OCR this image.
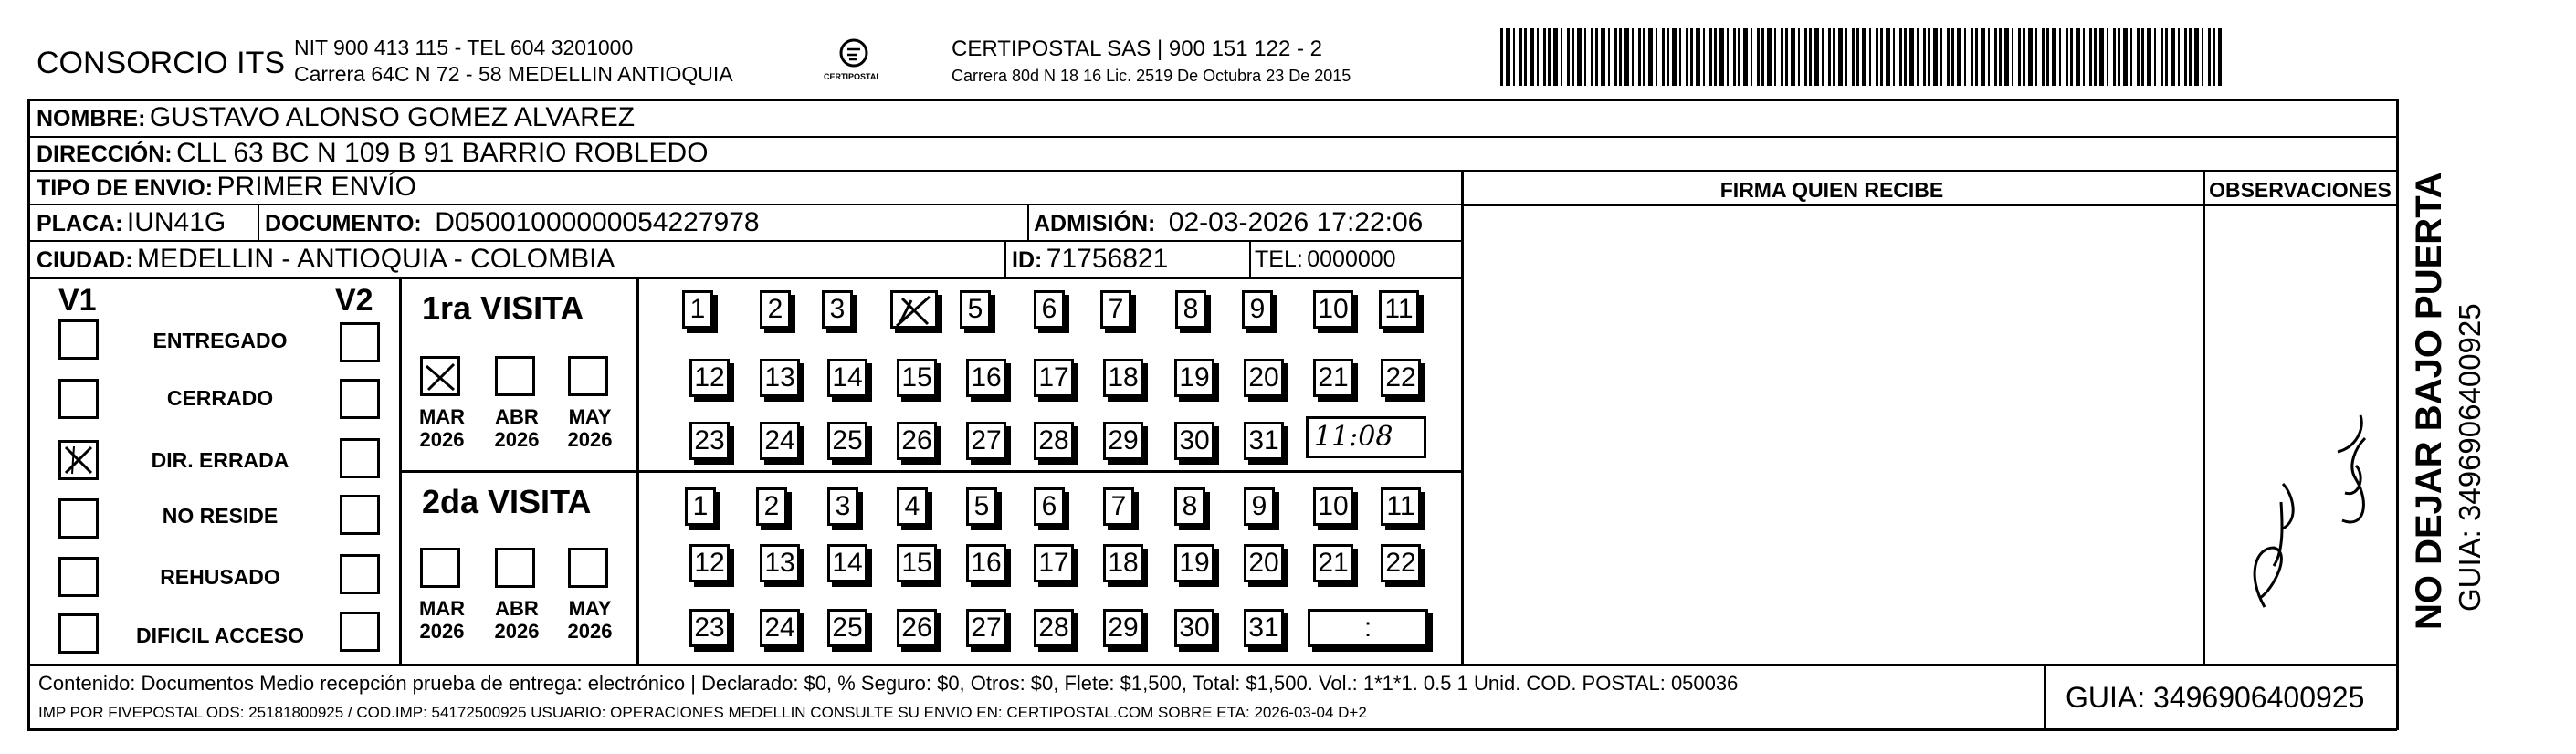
CONSORCIO ITS NIT 900 413 115 - TEL 604 3201000
Carrera 64C N 72 - 58 MEDELLIN ANTIOQUIA	CERTIPOSTAL
CERTIPOSTAL SAS | 900 151 122 - 2
Carrera 80d N 18 16 Lic. 2519 De Octubra 23 De 2015
NOMBRE: GUSTAVO ALONSO GOMEZ ALVAREZ
DIRECCIÓN: CLL 63 BC N 109 B 91 BARRIO ROBLEDO
TIPO DE ENVIO: PRIMER ENVÍO
PLACA: IUN41G DOCUMENTO: D05001000000054227978	ADMISIÓN: 02-03-2026 17:22:06
CIUDAD: MEDELLIN - ANTIOQUIA - COLOMBIA	ID: 71756821	TEL: 0000000
FIRMA QUIEN RECIBE	OBSERVACIONES
V1	V2
ENTREGADO
CERRADO
DIR. ERRADA
NO RESIDE
REHUSADO
DIFICIL ACCESO
1ra VISITA
MAR
2026
ABR
2026
MAY
2026
1 2 3	5 6 7 8 9 10 11
12 13 14 15 16 17 18 19 20 21 22
23 24 25 26 27 28 29 30 31	11:08
2da VISITA
MAR
2026
ABR
2026
MAY
2026
1 2 3 4 5 6 7 8 9 10 11
12 13 14 15 16 17 18 19 20 21 22
23 24 25 26 27 28 29 30 31	:	NO DEJAR BAJO PUERTA GUIA: 3496906400925
Contenido: Documentos Medio recepción prueba de entrega: electrónico | Declarado: $0, % Seguro: $0, Otros: $0, Flete: $1,500, Total: $1,500. Vol.: 1*1*1. 0.5 1 Unid. COD. POSTAL: 050036
IMP POR FIVEPOSTAL ODS: 25181800925 / COD.IMP: 54172500925 USUARIO: OPERACIONES MEDELLIN CONSULTE SU ENVIO EN: CERTIPOSTAL.COM SOBRE ETA: 2026-03-04 D+2	GUIA: 3496906400925
